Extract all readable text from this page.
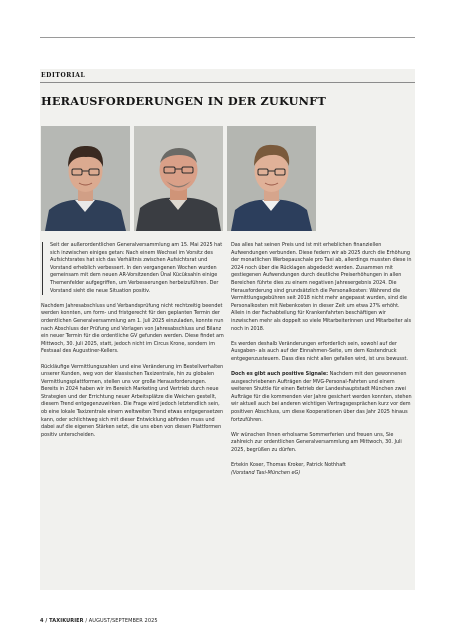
EDITORIAL
HERAUSFORDERUNGEN IN DER ZUKUNFT

Seit der außerordentlichen Generalversammlung am 15. Mai 2025 hat sich inzwischen einiges getan: Nach einem Wechsel im Vorsitz des Aufsichtsrates hat sich das Verhältnis zwischen Aufsichtsrat und Vorstand erheblich verbessert. In den vergangenen Wochen wurden gemeinsam mit dem neuen AR-Vorsitzenden Ünal Kücüksahin einige Themenfelder aufgegriffen, um Verbesserungen herbeizuführen. Der Vorstand sieht die neue Situation positiv.

Nachdem Jahresabschluss und Verbandsprüfung nicht rechtzeitig beendet werden konnten, um form- und fristgerecht für den geplanten Termin der ordentlichen Generalversammlung am 1. Juli 2025 einzuladen, konnte nun nach Abschluss der Prüfung und Vorlagen von Jahresabschluss und Bilanz ein neuer Termin für die ordentliche GV gefunden werden. Diese findet am Mittwoch, 30. Juli 2025, statt, jedoch nicht im Circus Krone, sondern im Festsaal des Augustiner-Kellers.

Rückläufige Vermittlungszahlen und eine Veränderung im Bestellverhalten unserer Kunden, weg von der klassischen Taxizentrale, hin zu globalen Vermittlungsplattformen, stellen uns vor große Herausforderungen. Bereits in 2024 haben wir im Bereich Marketing und Vertrieb durch neue Strategien und der Errichtung neuer Arbeitsplätze die Weichen gestellt, diesem Trend entgegenzuwirken. Die Frage wird jedoch letztendlich sein, ob eine lokale Taxizentrale einem weltweiten Trend etwas entgegensetzen kann, oder schlichtweg sich mit dieser Entwicklung abfinden muss und dabei auf die eigenen Stärken setzt, die uns eben von diesen Plattformen positiv unterscheiden.

Das alles hat seinen Preis und ist mit erheblichen finanziellen Aufwendungen verbunden. Diese federn wir ab 2025 durch die Erhöhung der monatlichen Werbepauschale pro Taxi ab, allerdings mussten diese in 2024 noch über die Rücklagen abgedeckt werden. Zusammen mit gestiegenen Aufwendungen durch deutliche Preiserhöhungen in allen Bereichen führte dies zu einem negativen Jahresergebnis 2024. Die Herausforderung sind grundsätzlich die Personalkosten: Während die Vermittlungsgebühren seit 2018 nicht mehr angepasst wurden, sind die Personalkosten mit Nebenkosten in dieser Zeit um etwa 27% erhöht. Allein in der Fachabteilung für Krankenfahrten beschäftigen wir inzwischen mehr als doppelt so viele Mitarbeiterinnen und Mitarbeiter als noch in 2018.

Es werden deshalb Veränderungen erforderlich sein, sowohl auf der Ausgaben- als auch auf der Einnahmen-Seite, um dem Kostendruck entgegenzusteuern. Dass dies nicht allen gefallen wird, ist uns bewusst.

Doch es gibt auch positive Signale: Nachdem mit den gewonnenen ausgeschriebenen Aufträgen der MVG-Personal-Fahrten und einem weiteren Shuttle für einen Betrieb der Landeshauptstadt München zwei Aufträge für die kommenden vier Jahre gesichert werden konnten, stehen wir aktuell auch bei anderen wichtigen Vertragsgesprächen kurz vor dem positiven Abschluss, um diese Kooperationen über das Jahr 2025 hinaus fortzuführen.

Wir wünschen Ihnen erholsame Sommerferien und freuen uns, Sie zahlreich zur ordentlichen Generalversammlung am Mittwoch, 30. Juli 2025, begrüßen zu dürfen.

Ertekin Koser, Thomas Kroker, Patrick Nothhaft

(Vorstand Taxi-München eG)

4 / TAXIKURIER / AUGUST/SEPTEMBER 2025
